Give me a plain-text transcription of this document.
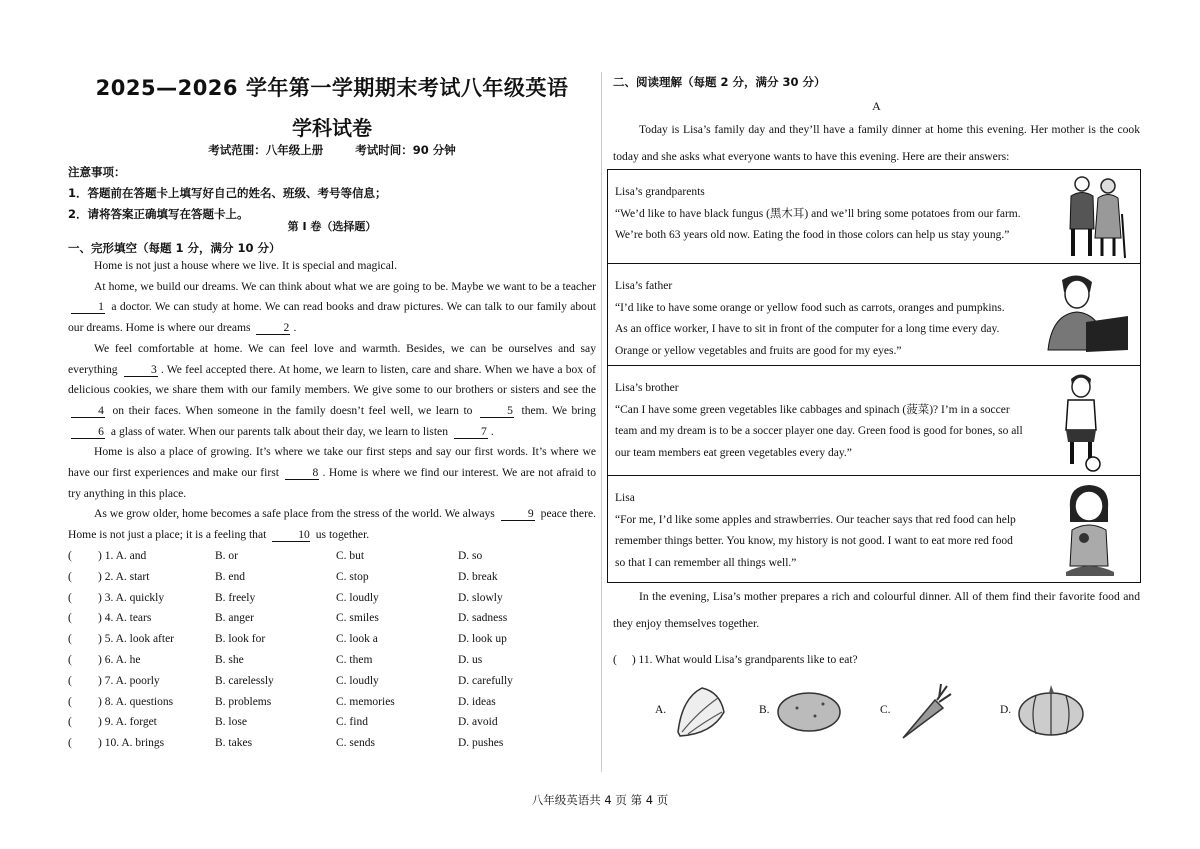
2025—2026 学年第一学期期末考试八年级英语
学科试卷
考试范围：八年级上册	考试时间：90 分钟
注意事项：
1．答题前在答题卡上填写好自己的姓名、班级、考号等信息；
2．请将答案正确填写在答题卡上。
第 I 卷（选择题）
一、完形填空（每题 1 分，满分 10 分）

Home is not just a house where we live. It is special and magical.

At home, we build our dreams. We can think about what we are going to be. Maybe we want to be a teacher 1 a doctor. We can study at home. We can read books and draw pictures. We can talk to our family about our dreams. Home is where our dreams	2 .

We feel comfortable at home. We can feel love and warmth. Besides, we can be ourselves and say everything	3 . We feel accepted there. At home, we learn to listen, care and share. When we have a box of delicious cookies, we share them with our family members. We give some to our brothers or sisters and see the 4 on their faces. When someone in the family doesn’t feel well, we learn to	5 them. We bring 6 a glass of water. When our parents talk about their day, we learn to listen	7 .

Home is also a place of growing. It’s where we take our first steps and say our first words. It’s where we have our first experiences and make our first	8 . Home is where we find our interest. We are not afraid to try anything in this place.

As we grow older, home becomes a safe place from the stress of the world. We always	9 peace there. Home is not just a place; it is a feeling that	10 us together.

( ) 1. A. and	B. or	C. but	D. so
( ) 2. A. start	B. end	C. stop	D. break
( ) 3. A. quickly	B. freely	C. loudly	D. slowly
( ) 4. A. tears	B. anger	C. smiles	D. sadness
( ) 5. A. look after	B. look for	C. look a	D. look up
( ) 6. A. he	B. she	C. them	D. us
( ) 7. A. poorly	B. carelessly	C. loudly	D. carefully
( ) 8. A. questions	B. problems	C. memories	D. ideas
( ) 9. A. forget	B. lose	C. find	D. avoid
( ) 10. A. brings	B. takes	C. sends	D. pushes
二、阅读理解（每题 2 分，满分 30 分）
A

Today is Lisa’s family day and they’ll have a family dinner at home this evening. Her mother is the cook today and she asks what everyone wants to have this evening. Here are their answers:

Lisa’s grandparents
“We’d like to have black fungus (黑木耳) and we’ll bring some potatoes from our farm.
We’re both 63 years old now. Eating the food in those colors can help us stay young.”
Lisa’s father
“I’d like to have some orange or yellow food such as carrots, oranges and pumpkins.
As an office worker, I have to sit in front of the computer for a long time every day.
Orange or yellow vegetables and fruits are good for my eyes.”
Lisa’s brother
“Can I have some green vegetables like cabbages and spinach (菠菜)? I’m in a soccer
team and my dream is to be a soccer player one day. Green food is good for bones, so all
our team members eat green vegetables every day.”
Lisa
“For me, I’d like some apples and strawberries. Our teacher says that red food can help
remember things better. You know, my history is not good. I want to eat more red food
so that I can remember all things well.”

In the evening, Lisa’s mother prepares a rich and colourful dinner. All of them find their favorite food and they enjoy themselves together.

( ) 11. What would Lisa’s grandparents like to eat?
A.	B.	C.	D.
八年级英语共 4 页 第 4 页
